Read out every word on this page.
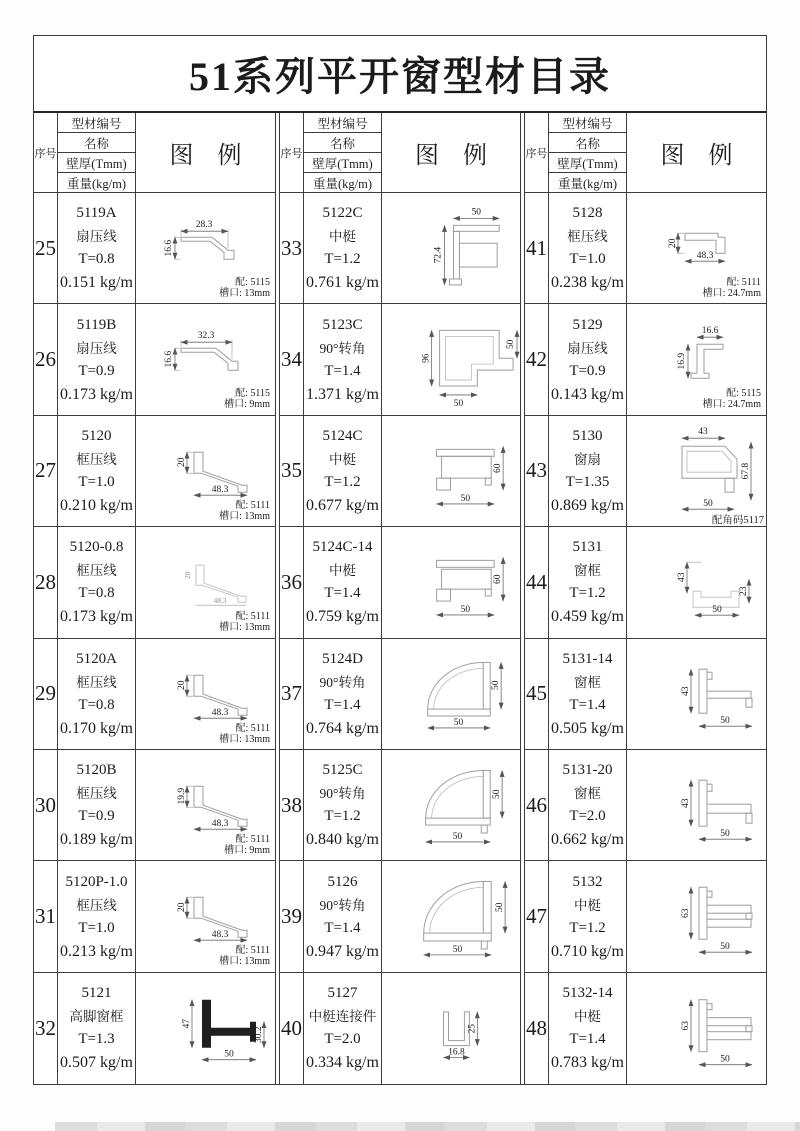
51系列平开窗型材目录
序号
型材编号
名称
壁厚(Tmm)
重量(kg/m)
图    例
25
5119A
扇压线
T=0.8
0.151 kg/m
28.3
16.6
配: 5115
槽口: 13mm
26
5119B
扇压线
T=0.9
0.173 kg/m
32.3
16.6
配: 5115
槽口: 9mm
27
5120
框压线
T=1.0
0.210 kg/m
20
48.3
配: 5111
槽口: 13mm
28
5120-0.8
框压线
T=0.8
0.173 kg/m
20
48.3
配: 5111
槽口: 13mm
29
5120A
框压线
T=0.8
0.170 kg/m
20
48.3
配: 5111
槽口: 13mm
30
5120B
框压线
T=0.9
0.189 kg/m
19.9
48.3
配: 5111
槽口: 9mm
31
5120P-1.0
框压线
T=1.0
0.213 kg/m
20
48.3
配: 5111
槽口: 13mm
32
5121
高脚窗框
T=1.3
0.507 kg/m
47
30.2
50
序号
型材编号
名称
壁厚(Tmm)
重量(kg/m)
图    例
33
5122C
中梃
T=1.2
0.761 kg/m
50
72.4
34
5123C
90°转角
T=1.4
1.371 kg/m
96
50
50
35
5124C
中梃
T=1.2
0.677 kg/m
60
50
36
5124C-14
中梃
T=1.4
0.759 kg/m
60
50
37
5124D
90°转角
T=1.4
0.764 kg/m
50
50
38
5125C
90°转角
T=1.2
0.840 kg/m
50
50
39
5126
90°转角
T=1.4
0.947 kg/m
50
50
40
5127
中梃连接件
T=2.0
0.334 kg/m
25
16.8
序号
型材编号
名称
壁厚(Tmm)
重量(kg/m)
图    例
41
5128
框压线
T=1.0
0.238 kg/m
20
48.3
配: 5111
槽口: 24.7mm
42
5129
扇压线
T=0.9
0.143 kg/m
16.6
16.9
配: 5115
槽口: 24.7mm
43
5130
窗扇
T=1.35
0.869 kg/m
43
67.8
50
配角码5117
44
5131
窗框
T=1.2
0.459 kg/m
43
23
50
45
5131-14
窗框
T=1.4
0.505 kg/m
43
50
46
5131-20
窗框
T=2.0
0.662 kg/m
43
50
47
5132
中梃
T=1.2
0.710 kg/m
63
50
48
5132-14
中梃
T=1.4
0.783 kg/m
63
50
